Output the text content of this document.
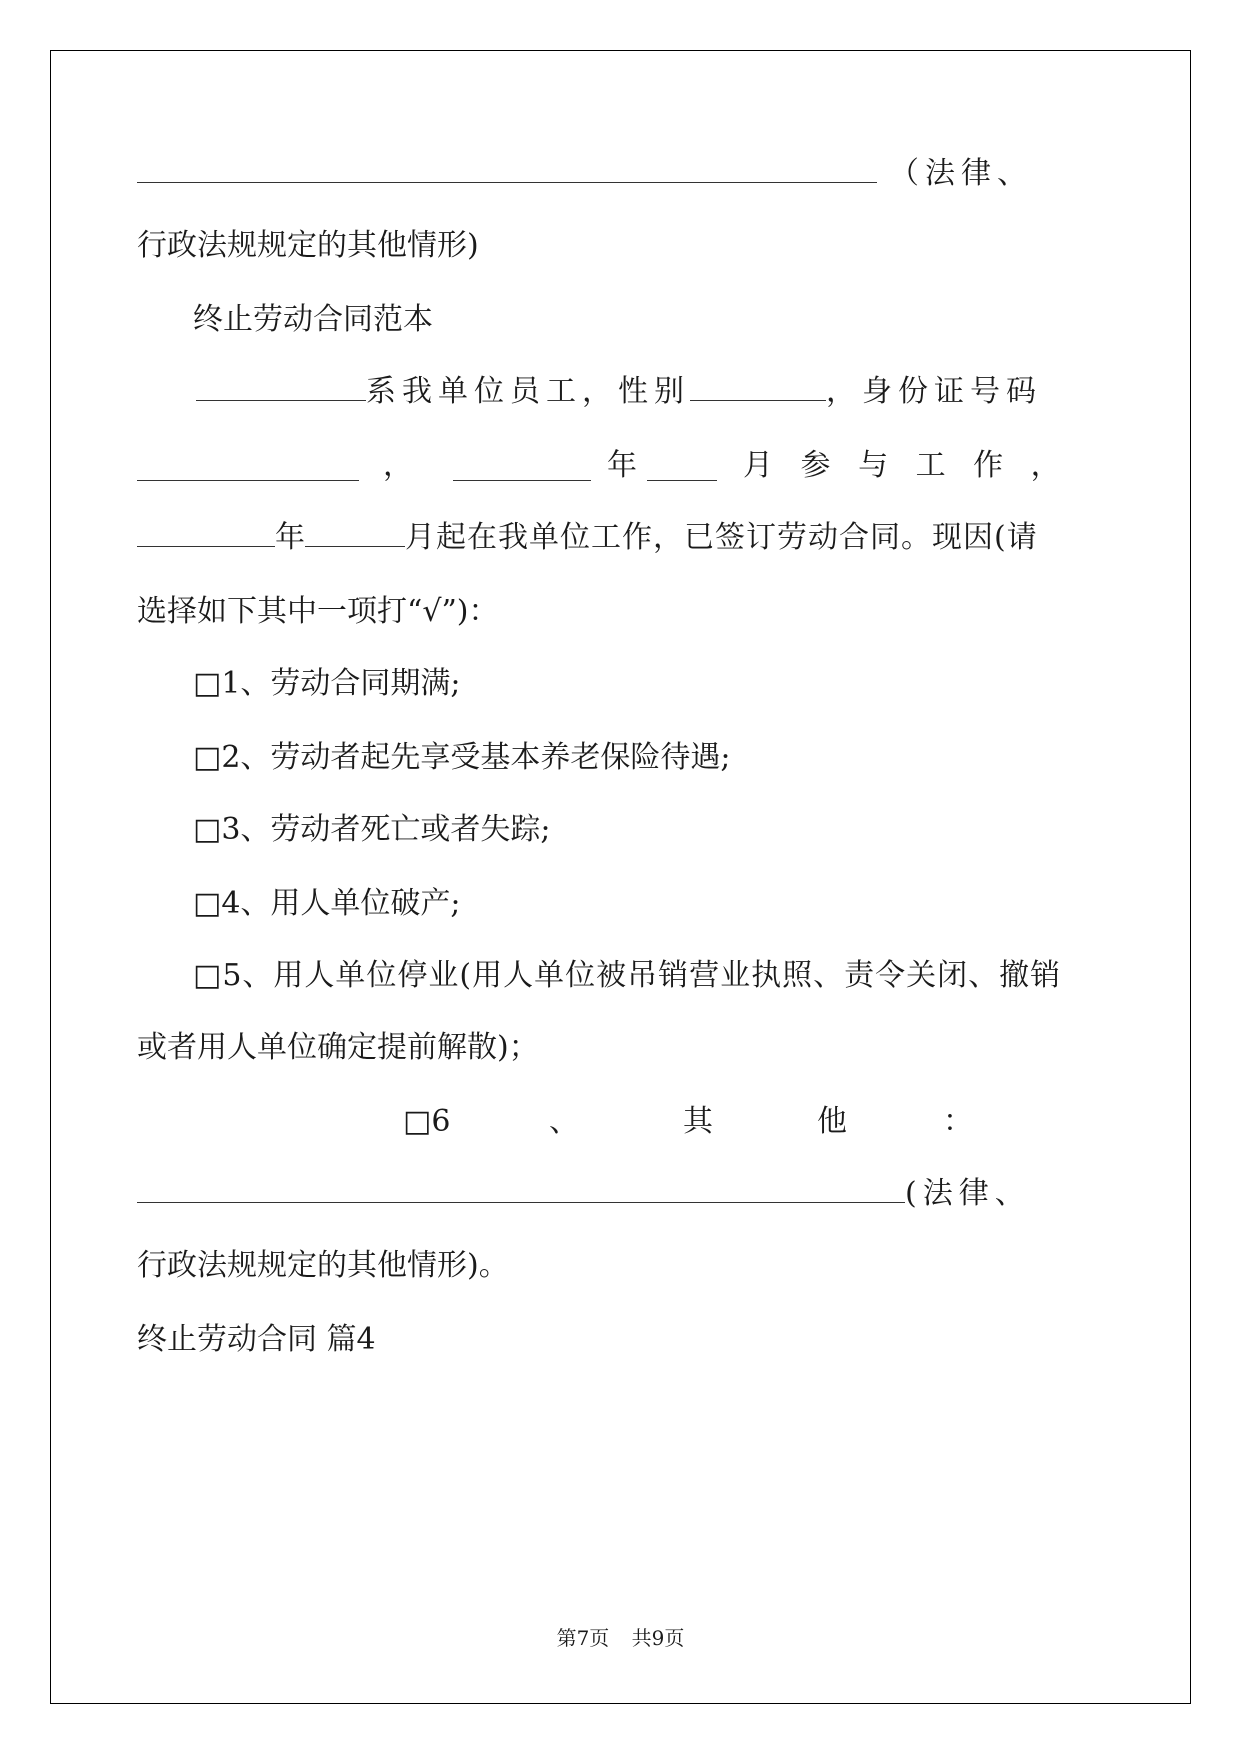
（法律、
行政法规规定的其他情形)
终止劳动合同范本
系我单位员工，性别	，身份证号码
，	年	月 参 与 工 作 ，
年	月起在我单位工作，已签订劳动合同。现因(请
选择如下其中一项打“√”)：
□1、劳动合同期满;
□2、劳动者起先享受基本养老保险待遇;
□3、劳动者死亡或者失踪;
□4、用人单位破产;
□5、用人单位停业(用人单位被吊销营业执照、责令关闭、撤销
或者用人单位确定提前解散)；
□6	、	其	他	：
(法律、
行政法规规定的其他情形)。
终止劳动合同 篇4
第7页 共9页
